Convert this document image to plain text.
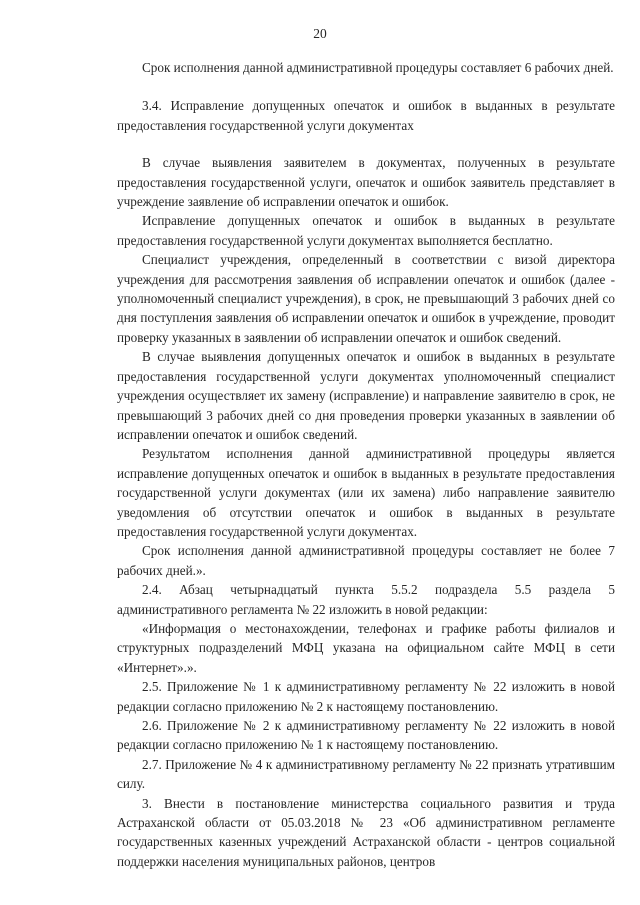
20

Срок исполнения данной административной процедуры составляет 6 рабочих дней.

3.4. Исправление допущенных опечаток и ошибок в выданных в результате предоставления государственной услуги документах

В случае выявления заявителем в документах, полученных в результате предоставления государственной услуги, опечаток и ошибок заявитель представляет в учреждение заявление об исправлении опечаток и ошибок.

Исправление допущенных опечаток и ошибок в выданных в результате предоставления государственной услуги документах выполняется бесплатно.

Специалист учреждения, определенный в соответствии с визой директора учреждения для рассмотрения заявления об исправлении опечаток и ошибок (далее - уполномоченный специалист учреждения), в срок, не превышающий 3 рабочих дней со дня поступления заявления об исправлении опечаток и ошибок в учреждение, проводит проверку указанных в заявлении об исправлении опечаток и ошибок сведений.

В случае выявления допущенных опечаток и ошибок в выданных в результате предоставления государственной услуги документах уполномоченный специалист учреждения осуществляет их замену (исправление) и направление заявителю в срок, не превышающий 3 рабочих дней со дня проведения проверки указанных в заявлении об исправлении опечаток и ошибок сведений.

Результатом исполнения данной административной процедуры является исправление допущенных опечаток и ошибок в выданных в результате предоставления государственной услуги документах (или их замена) либо направление заявителю уведомления об отсутствии опечаток и ошибок в выданных в результате предоставления государственной услуги документах.

Срок исполнения данной административной процедуры составляет не более 7 рабочих дней.».

2.4. Абзац четырнадцатый пункта 5.5.2 подраздела 5.5 раздела 5 административного регламента № 22 изложить в новой редакции:

«Информация о местонахождении, телефонах и графике работы филиалов и структурных подразделений МФЦ указана на официальном сайте МФЦ в сети «Интернет».».

2.5. Приложение № 1 к административному регламенту № 22 изложить в новой редакции согласно приложению № 2 к настоящему постановлению.

2.6. Приложение № 2 к административному регламенту № 22 изложить в новой редакции согласно приложению № 1 к настоящему постановлению.

2.7. Приложение № 4 к административному регламенту № 22 признать утратившим силу.

3. Внести в постановление министерства социального развития и труда Астраханской области от 05.03.2018 № 23 «Об административном регламенте государственных казенных учреждений Астраханской области - центров социальной поддержки населения муниципальных районов, центров
